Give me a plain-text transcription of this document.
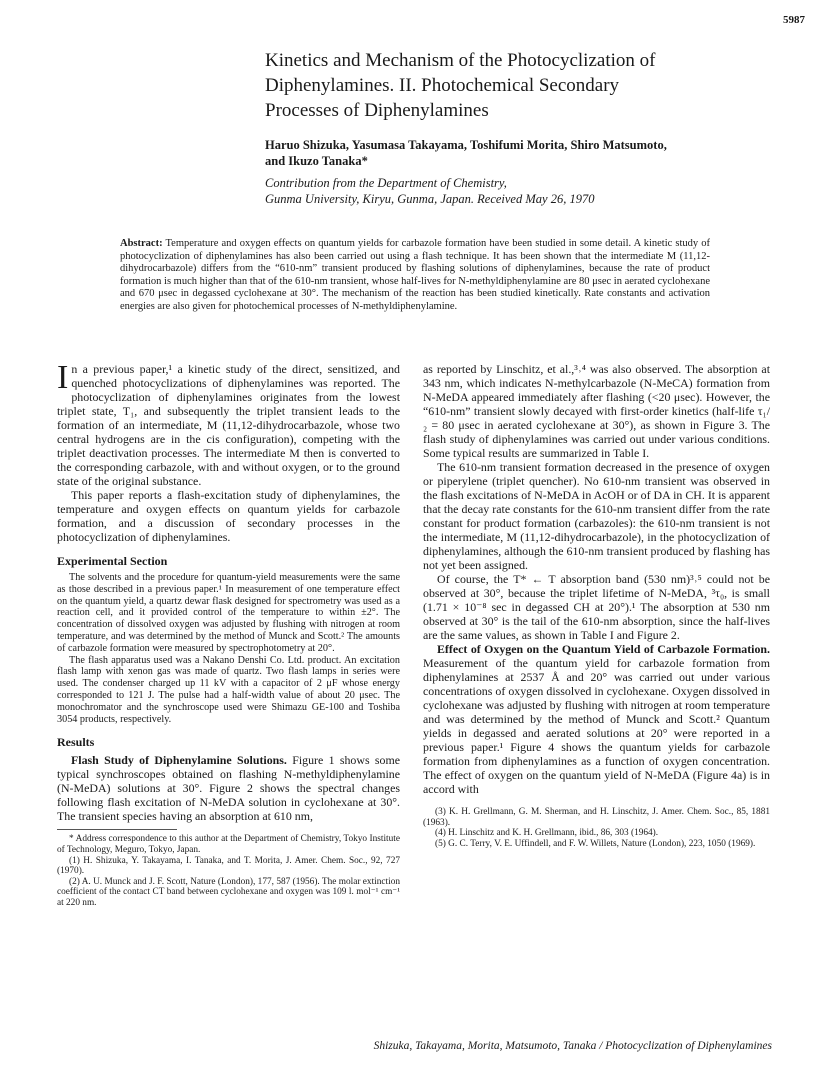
5987
Kinetics and Mechanism of the Photocyclization of
Diphenylamines. II. Photochemical Secondary
Processes of Diphenylamines
Haruo Shizuka, Yasumasa Takayama, Toshifumi Morita, Shiro Matsumoto,
and Ikuzo Tanaka*
Contribution from the Department of Chemistry,
Gunma University, Kiryu, Gunma, Japan. Received May 26, 1970
Abstract: Temperature and oxygen effects on quantum yields for carbazole formation have been studied in some detail. A kinetic study of photocyclization of diphenylamines has also been carried out using a flash technique. It has been shown that the intermediate M (11,12-dihydrocarbazole) differs from the “610-nm” transient produced by flashing solutions of diphenylamines, because the rate of product formation is much higher than that of the 610-nm transient, whose half-lives for N-methyldiphenylamine are 80 μsec in aerated cyclohexane and 670 μsec in degassed cyclohexane at 30°. The mechanism of the reaction has been studied kinetically. Rate constants and activation energies are also given for photochemical processes of N-methyldiphenylamine.

In a previous paper,¹ a kinetic study of the direct, sensitized, and quenched photocyclizations of diphenylamines was reported. The photocyclization of diphenylamines originates from the lowest triplet state, T₁, and subsequently the triplet transient leads to the formation of an intermediate, M (11,12-dihydrocarbazole, whose two central hydrogens are in the cis configuration), competing with the triplet deactivation processes. The intermediate M then is converted to the corresponding carbazole, with and without oxygen, or to the ground state of the original substance.

This paper reports a flash-excitation study of diphenylamines, the temperature and oxygen effects on quantum yields for carbazole formation, and a discussion of secondary processes in the photocyclization of diphenylamines.

Experimental Section

The solvents and the procedure for quantum-yield measurements were the same as those described in a previous paper.¹ In measurement of one temperature effect on the quantum yield, a quartz dewar flask designed for spectrometry was used as a reaction cell, and it provided control of the temperature to within ±2°. The concentration of dissolved oxygen was adjusted by flushing with nitrogen at room temperature, and was determined by the method of Munck and Scott.² The amounts of carbazole formation were measured by spectrophotometry at 20°.

The flash apparatus used was a Nakano Denshi Co. Ltd. product. An excitation flash lamp with xenon gas was made of quartz. Two flash lamps in series were used. The condenser charged up 11 kV with a capacitor of 2 μF whose energy corresponded to 121 J. The pulse had a half-width value of about 20 μsec. The monochromator and the synchroscope used were Shimazu GE-100 and Toshiba 3054 products, respectively.

Results

Flash Study of Diphenylamine Solutions. Figure 1 shows some typical synchroscopes obtained on flashing N-methyldiphenylamine (N-MeDA) solutions at 30°. Figure 2 shows the spectral changes following flash excitation of N-MeDA solution in cyclohexane at 30°. The transient species having an absorption at 610 nm,

* Address correspondence to this author at the Department of Chemistry, Tokyo Institute of Technology, Meguro, Tokyo, Japan.

(1) H. Shizuka, Y. Takayama, I. Tanaka, and T. Morita, J. Amer. Chem. Soc., 92, 727 (1970).

(2) A. U. Munck and J. F. Scott, Nature (London), 177, 587 (1956). The molar extinction coefficient of the contact CT band between cyclohexane and oxygen was 109 l. mol⁻¹ cm⁻¹ at 220 nm.

as reported by Linschitz, et al.,³˒⁴ was also observed. The absorption at 343 nm, which indicates N-methylcarbazole (N-MeCA) formation from N-MeDA appeared immediately after flashing (<20 μsec). However, the “610-nm” transient slowly decayed with first-order kinetics (half-life τ₁/₂ = 80 μsec in aerated cyclohexane at 30°), as shown in Figure 3. The flash study of diphenylamines was carried out under various conditions. Some typical results are summarized in Table I.

The 610-nm transient formation decreased in the presence of oxygen or piperylene (triplet quencher). No 610-nm transient was observed in the flash excitations of N-MeDA in AcOH or of DA in CH. It is apparent that the decay rate constants for the 610-nm transient differ from the rate constant for product formation (carbazoles): the 610-nm transient is not the intermediate, M (11,12-dihydrocarbazole), in the photocyclization of diphenylamines, although the 610-nm transient produced by flashing has not yet been assigned.

Of course, the T* ← T absorption band (530 nm)³˒⁵ could not be observed at 30°, because the triplet lifetime of N-MeDA, ³τ₀, is small (1.71 × 10⁻⁸ sec in degassed CH at 20°).¹ The absorption at 530 nm observed at 30° is the tail of the 610-nm absorption, since the half-lives are the same values, as shown in Table I and Figure 2.

Effect of Oxygen on the Quantum Yield of Carbazole Formation. Measurement of the quantum yield for carbazole formation from diphenylamines at 2537 Å and 20° was carried out under various concentrations of oxygen dissolved in cyclohexane. Oxygen dissolved in cyclohexane was adjusted by flushing with nitrogen at room temperature and was determined by the method of Munck and Scott.² Quantum yields in degassed and aerated solutions at 20° were reported in a previous paper.¹ Figure 4 shows the quantum yields for carbazole formation from diphenylamines as a function of oxygen concentration. The effect of oxygen on the quantum yield of N-MeDA (Figure 4a) is in accord with

(3) K. H. Grellmann, G. M. Sherman, and H. Linschitz, J. Amer. Chem. Soc., 85, 1881 (1963).

(4) H. Linschitz and K. H. Grellmann, ibid., 86, 303 (1964).

(5) G. C. Terry, V. E. Uffindell, and F. W. Willets, Nature (London), 223, 1050 (1969).

Shizuka, Takayama, Morita, Matsumoto, Tanaka / Photocyclization of Diphenylamines
